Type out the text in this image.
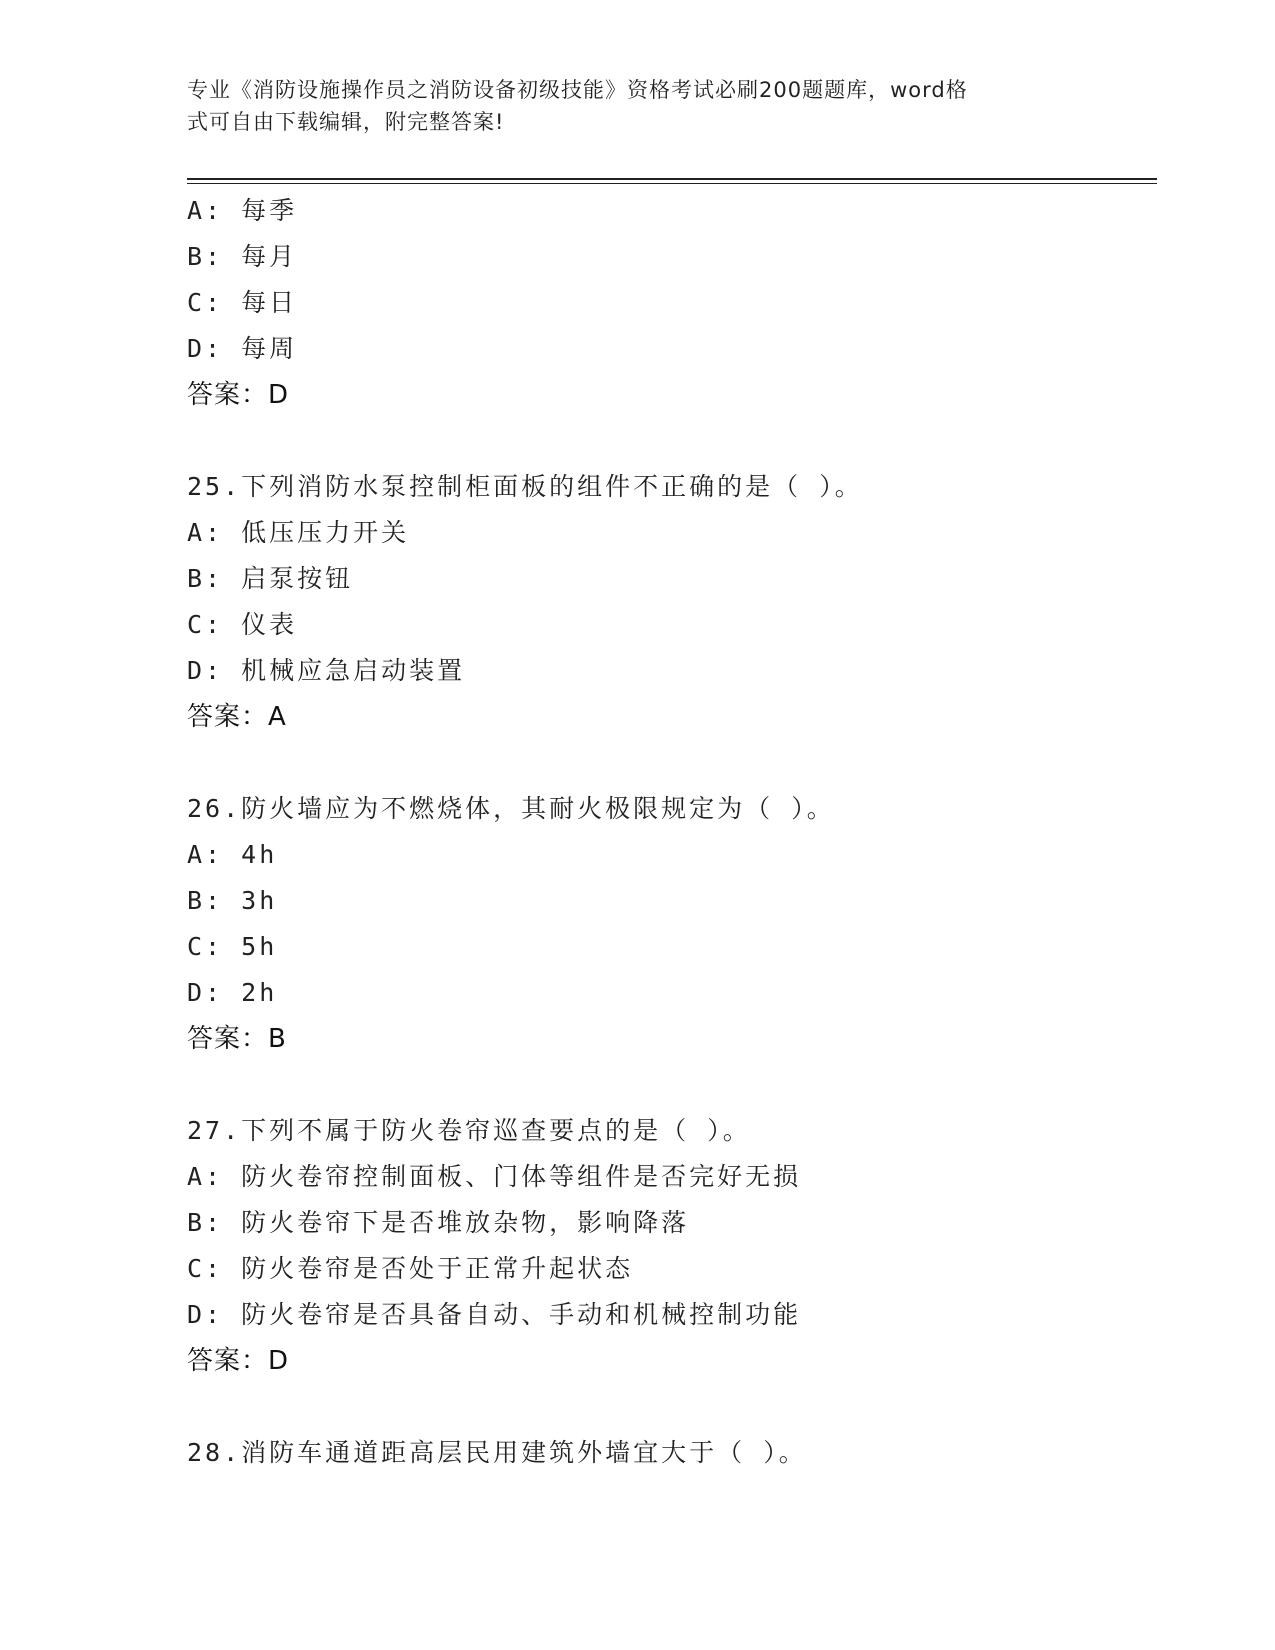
专业《消防设施操作员之消防设备初级技能》资格考试必刷200题题库，word格
式可自由下载编辑，附完整答案!
A: 每季
B: 每月
C: 每日
D: 每周
答案：D
25.下列消防水泵控制柜面板的组件不正确的是（ ）。
A: 低压压力开关
B: 启泵按钮
C: 仪表
D: 机械应急启动装置
答案：A
26.防火墙应为不燃烧体，其耐火极限规定为（ ）。
A: 4h
B: 3h
C: 5h
D: 2h
答案：B
27.下列不属于防火卷帘巡查要点的是（ ）。
A: 防火卷帘控制面板、门体等组件是否完好无损
B: 防火卷帘下是否堆放杂物，影响降落
C: 防火卷帘是否处于正常升起状态
D: 防火卷帘是否具备自动、手动和机械控制功能
答案：D
28.消防车通道距高层民用建筑外墙宜大于（ ）。
